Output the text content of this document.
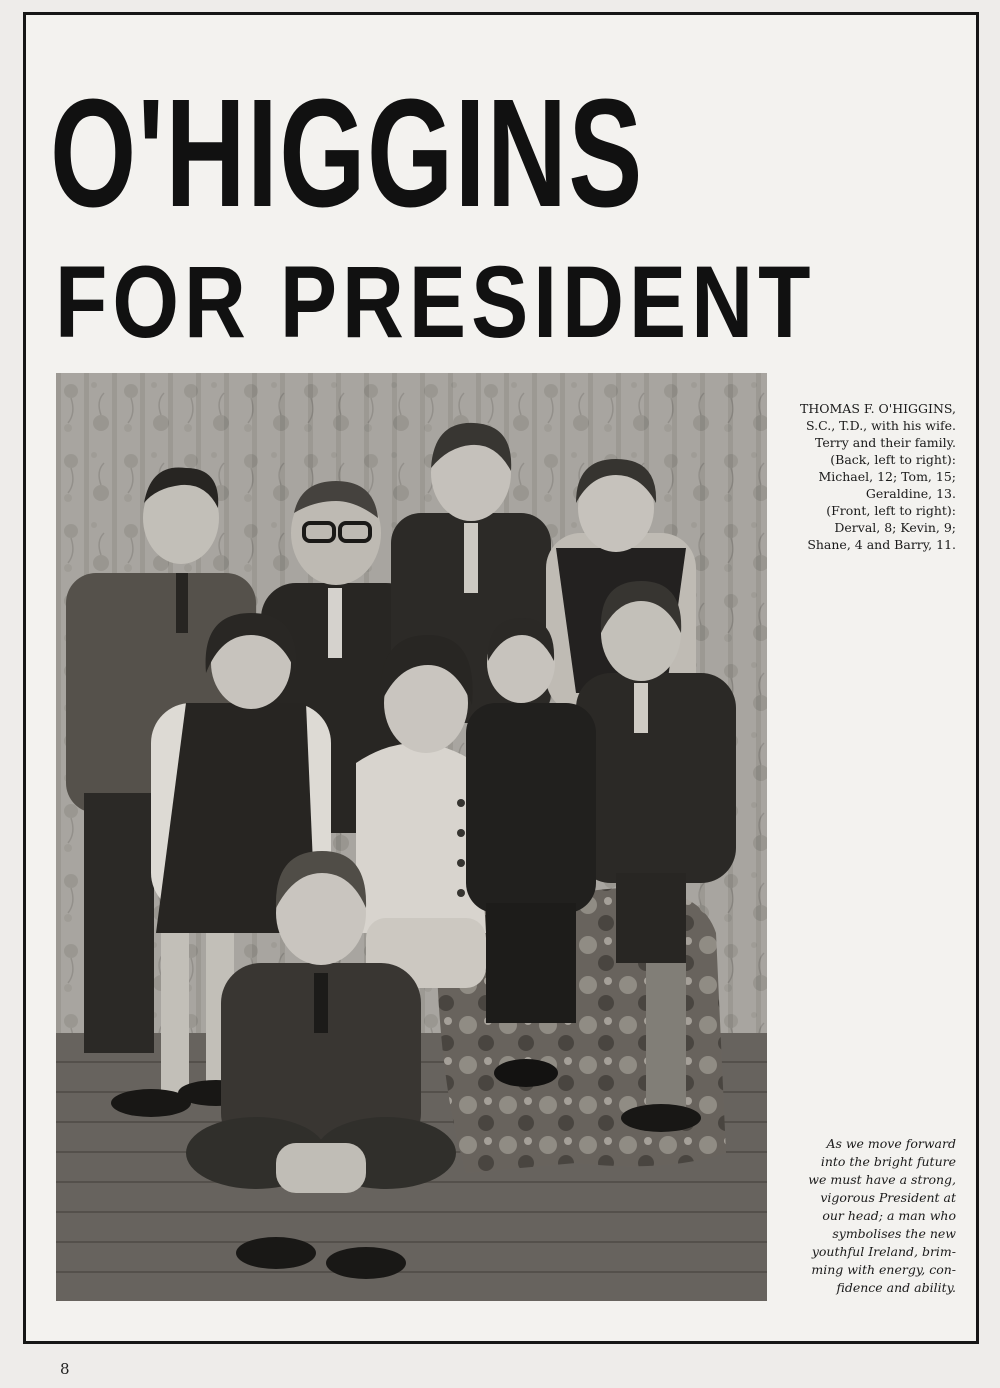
O'HIGGINS
FOR PRESIDENT
THOMAS F. O'HIGGINS,
S.C., T.D., with his wife.
Terry and their family.
(Back, left to right):
Michael, 12; Tom, 15;
Geraldine, 13.
(Front, left to right):
Derval, 8; Kevin, 9;
Shane, 4 and Barry, 11.
As we move forward
into the bright future
we must have a strong,
vigorous President at
our head; a man who
symbolises the new
youthful Ireland, brim-
ming with energy, con-
fidence and ability.
8
